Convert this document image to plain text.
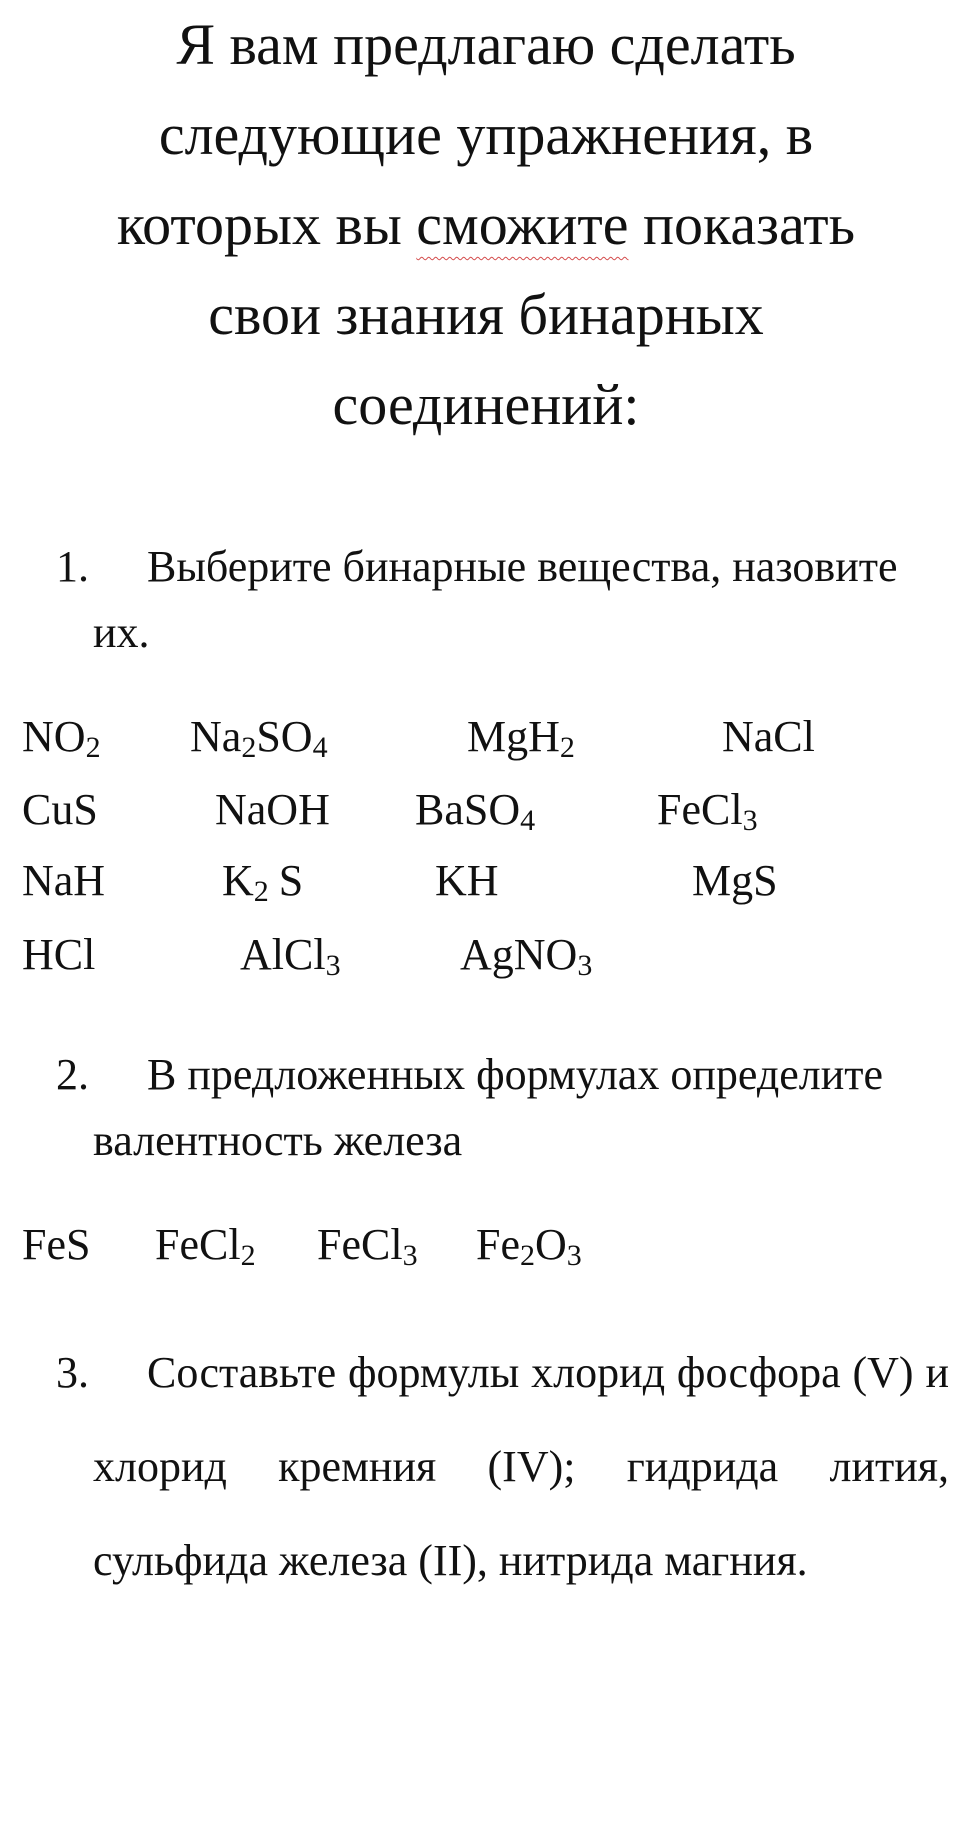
Я вам предлагаю сделать
следующие упражнения, в
которых вы сможите показать
свои знания бинарных
соединений:

1.	Выберите бинарные вещества, назовите их.

$NO_2$ $Na_2SO_4$	MgH$_2$	NaCl
CuS	NaOH BaSO$_4$	FeCl$_3$
NaH	$K_2$ S	KH	MgS
HCl	AlCl$_3$	AgNO$_3$

2.	В предложенных формулах определите валентность железа

FeS FeCl$_2$ FeCl$_3$ $Fe_2O_3$

3.	Составьте формулы хлорид фосфора (V) и хлорид кремния (IV); гидрида лития, сульфида железа (II), нитрида магния.
